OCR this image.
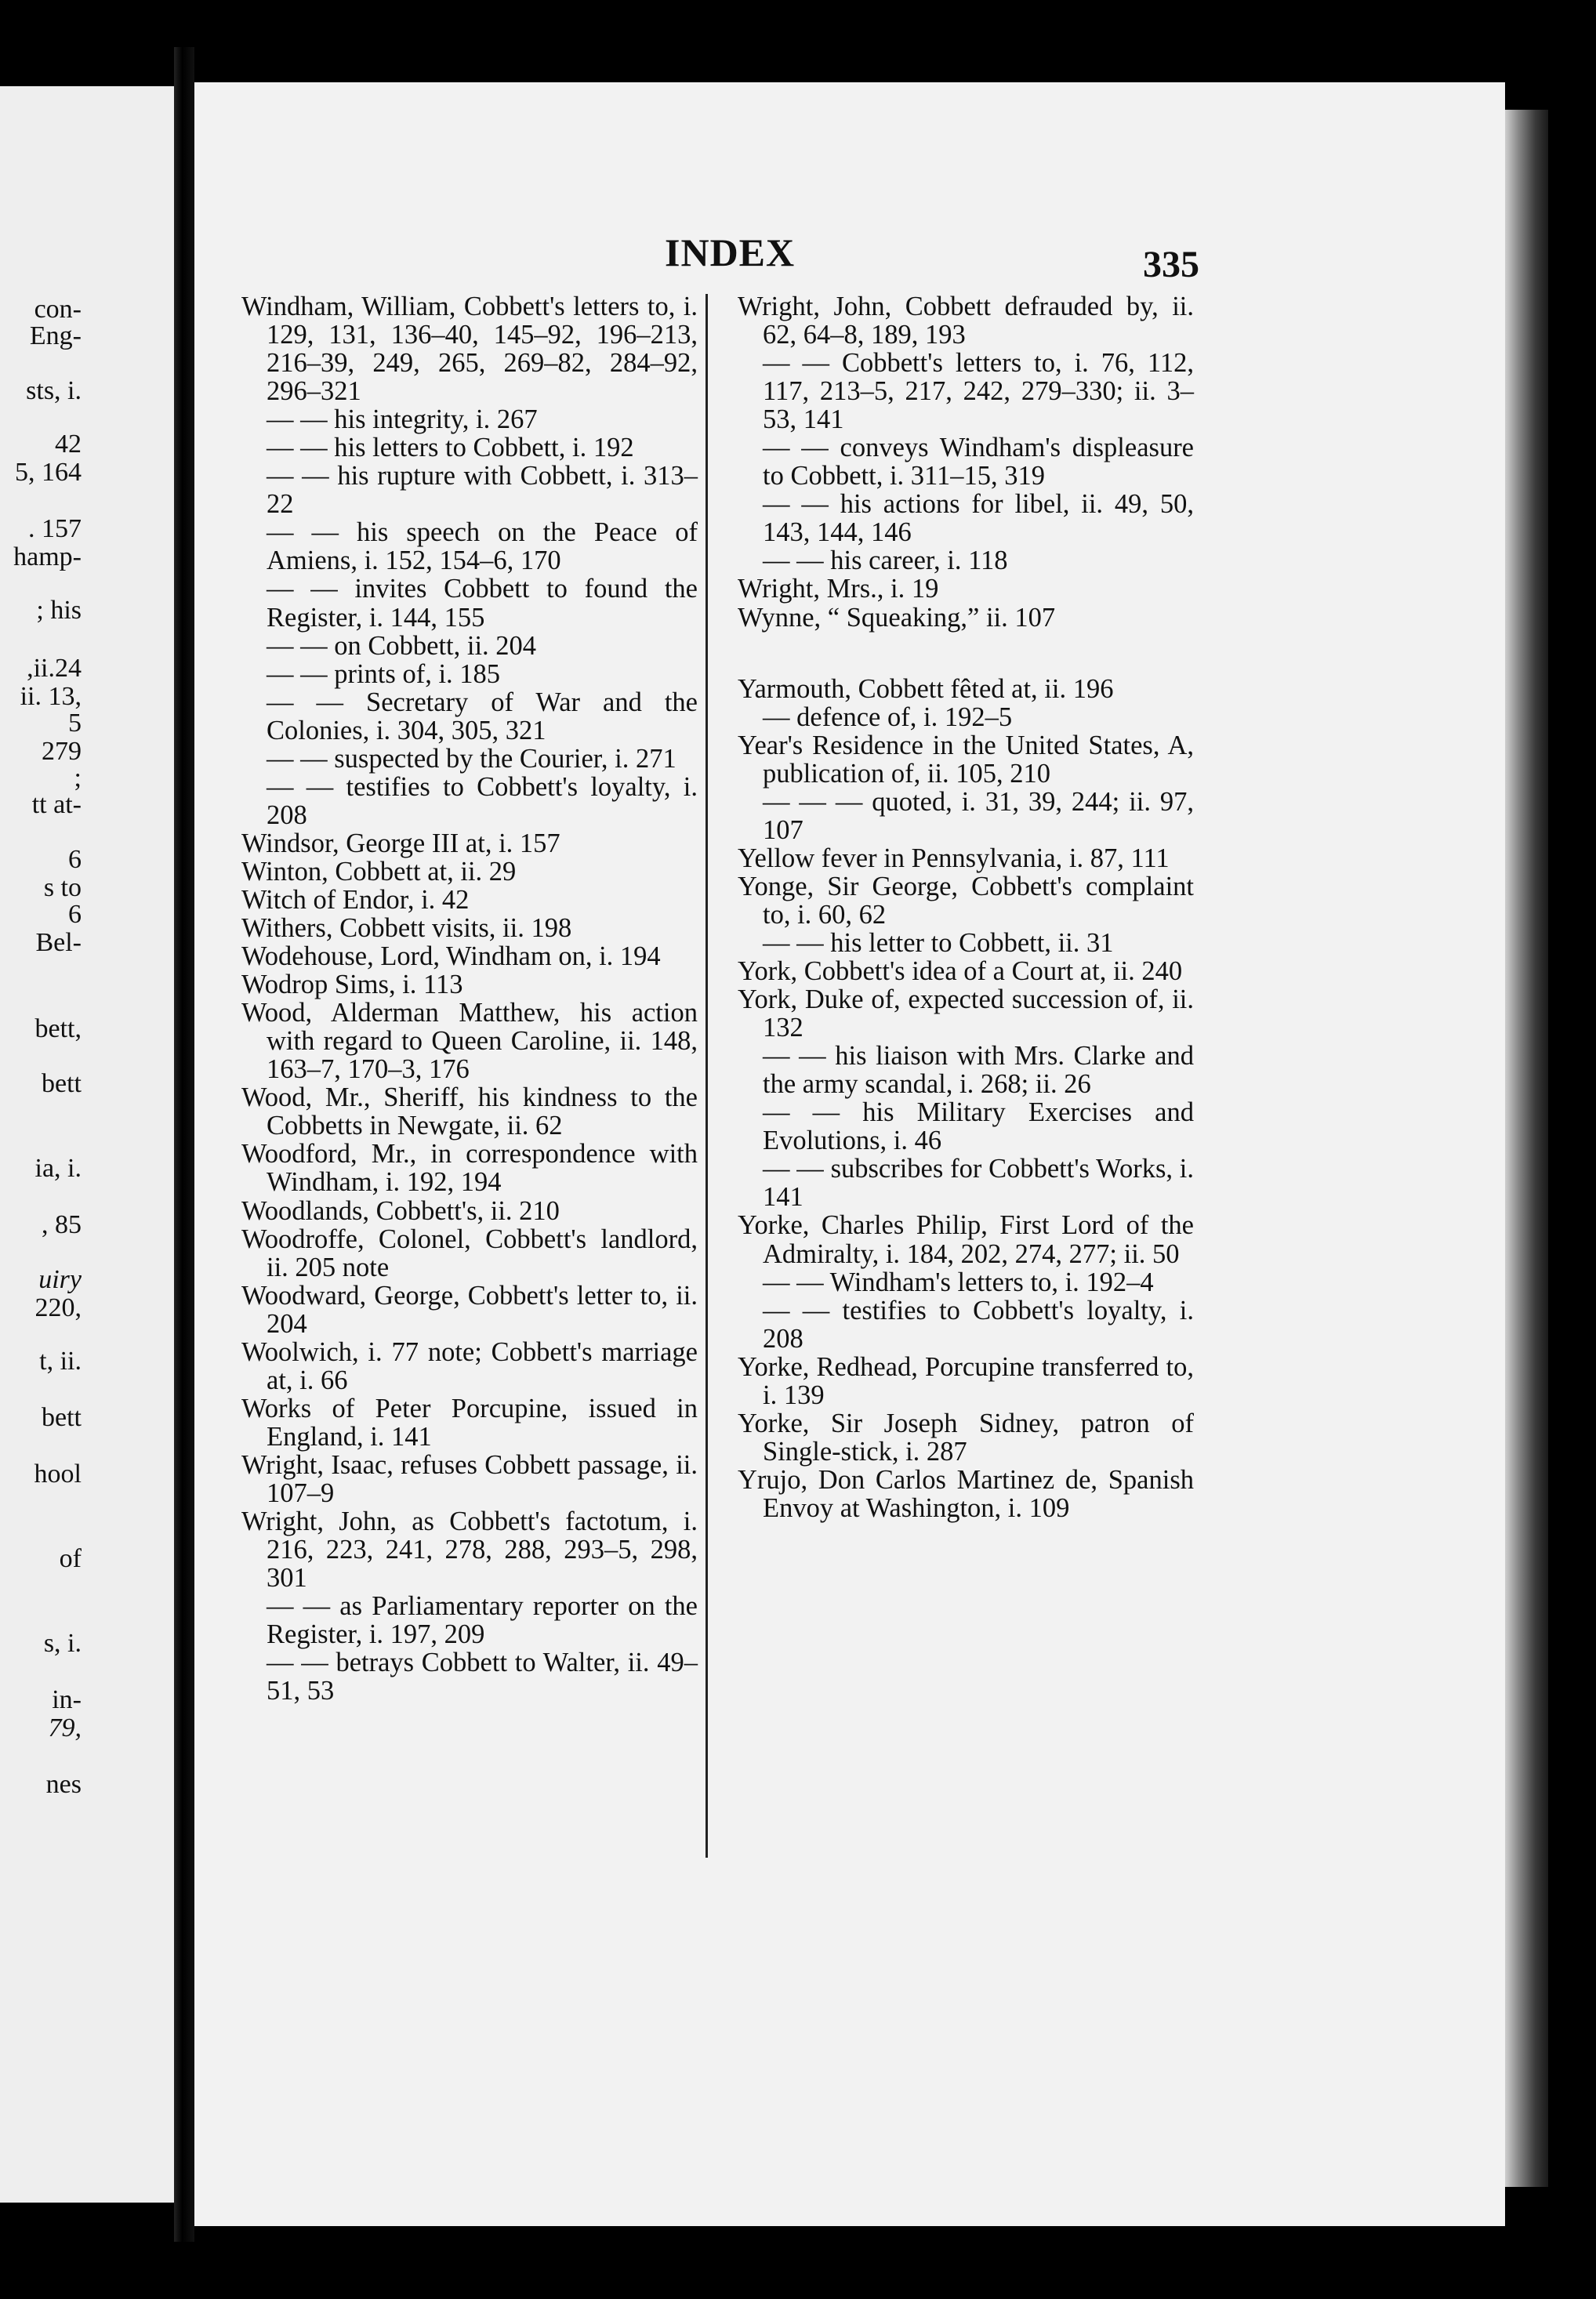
con-
Eng-
sts, i.
42
5, 164
. 157
hamp-
; his
,ii.24
ii. 13,
5
279
;
tt at-
6
s to
6
Bel-
bett,
bett
ia, i.
, 85
uiry
220,
t, ii.
bett
hool
of
s, i.
in-
79,
nes
INDEX	335

Windham, William, Cobbett's letters to, i. 129, 131, 136–40, 145–92, 196–213, 216–39, 249, 265, 269–82, 284–92, 296–321

— — his integrity, i. 267

— — his letters to Cobbett, i. 192

— — his rupture with Cobbett, i. 313–22

— — his speech on the Peace of Amiens, i. 152, 154–6, 170

— — invites Cobbett to found the Register, i. 144, 155

— — on Cobbett, ii. 204

— — prints of, i. 185

— — Secretary of War and the Colonies, i. 304, 305, 321

— — suspected by the Courier, i. 271

— — testifies to Cobbett's loyalty, i. 208

Windsor, George III at, i. 157

Winton, Cobbett at, ii. 29

Witch of Endor, i. 42

Withers, Cobbett visits, ii. 198

Wodehouse, Lord, Windham on, i. 194

Wodrop Sims, i. 113

Wood, Alderman Matthew, his action with regard to Queen Caroline, ii. 148, 163–7, 170–3, 176

Wood, Mr., Sheriff, his kindness to the Cobbetts in Newgate, ii. 62

Woodford, Mr., in correspondence with Windham, i. 192, 194

Woodlands, Cobbett's, ii. 210

Woodroffe, Colonel, Cobbett's landlord, ii. 205 note

Woodward, George, Cobbett's letter to, ii. 204

Woolwich, i. 77 note; Cobbett's marriage at, i. 66

Works of Peter Porcupine, issued in England, i. 141

Wright, Isaac, refuses Cobbett passage, ii. 107–9

Wright, John, as Cobbett's factotum, i. 216, 223, 241, 278, 288, 293–5, 298, 301

— — as Parliamentary reporter on the Register, i. 197, 209

— — betrays Cobbett to Walter, ii. 49–51, 53

Wright, John, Cobbett defrauded by, ii. 62, 64–8, 189, 193

— — Cobbett's letters to, i. 76, 112, 117, 213–5, 217, 242, 279–330; ii. 3–53, 141

— — conveys Windham's displeasure to Cobbett, i. 311–15, 319

— — his actions for libel, ii. 49, 50, 143, 144, 146

— — his career, i. 118

Wright, Mrs., i. 19

Wynne, “ Squeaking,” ii. 107

Yarmouth, Cobbett fêted at, ii. 196

— defence of, i. 192–5

Year's Residence in the United States, A, publication of, ii. 105, 210

— — — quoted, i. 31, 39, 244; ii. 97, 107

Yellow fever in Pennsylvania, i. 87, 111

Yonge, Sir George, Cobbett's complaint to, i. 60, 62

— — his letter to Cobbett, ii. 31

York, Cobbett's idea of a Court at, ii. 240

York, Duke of, expected succession of, ii. 132

— — his liaison with Mrs. Clarke and the army scandal, i. 268; ii. 26

— — his Military Exercises and Evolutions, i. 46

— — subscribes for Cobbett's Works, i. 141

Yorke, Charles Philip, First Lord of the Admiralty, i. 184, 202, 274, 277; ii. 50

— — Windham's letters to, i. 192–4

— — testifies to Cobbett's loyalty, i. 208

Yorke, Redhead, Porcupine transferred to, i. 139

Yorke, Sir Joseph Sidney, patron of Single-stick, i. 287

Yrujo, Don Carlos Martinez de, Spanish Envoy at Washington, i. 109
